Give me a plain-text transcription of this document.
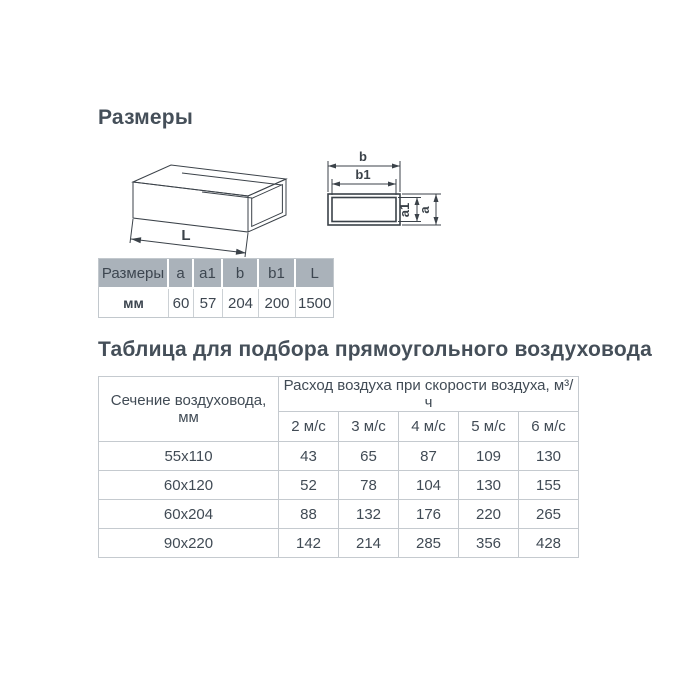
Размеры
L
b
b1
a1 a
Размеры	a	a1	b	b1	L
мм	60	57	204	200	1500
Таблица для подбора прямоугольного воздуховода
Сечение воздуховода, мм	Расход воздуха при скорости воздуха, м³/ч				
	2 м/с	3 м/с	4 м/с	5 м/с	6 м/с
55x110	43	65	87	109	130
60x120	52	78	104	130	155
60x204	88	132	176	220	265
90x220	142	214	285	356	428
